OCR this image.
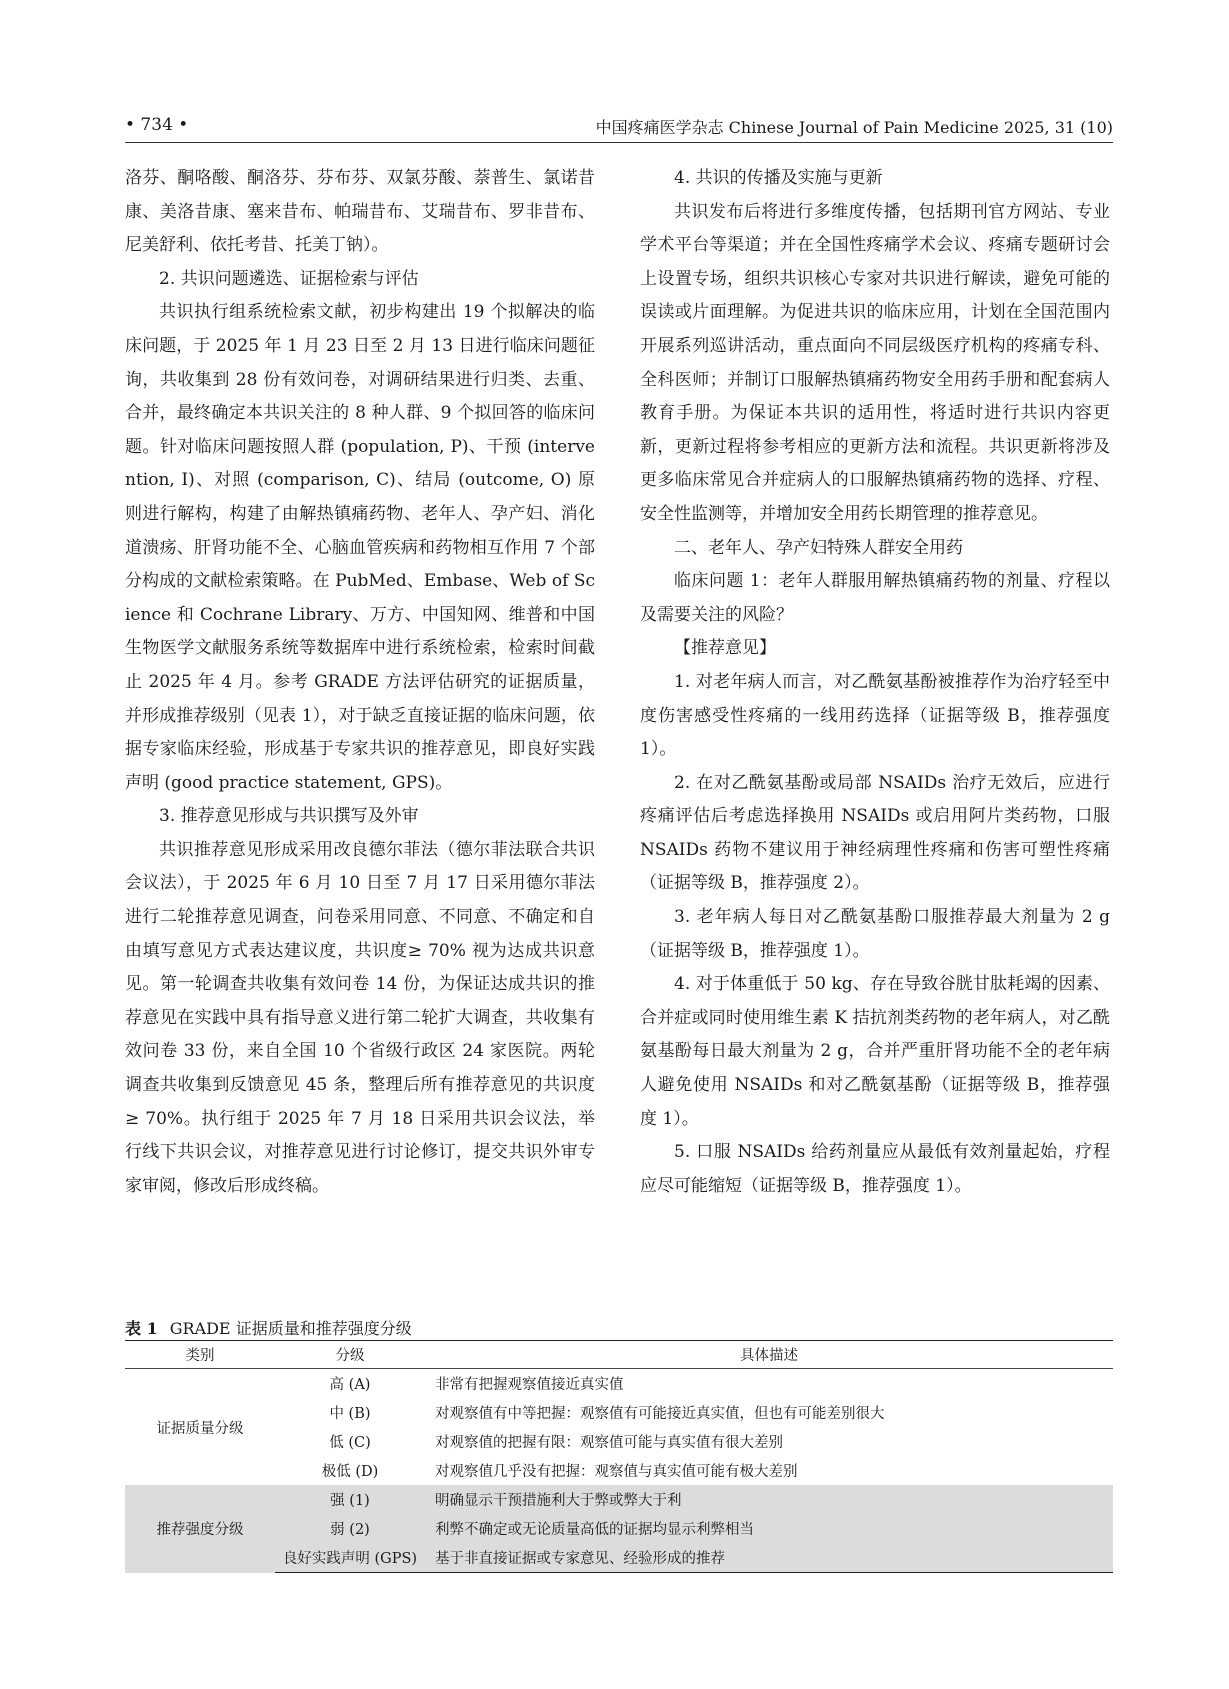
• 734 •	中国疼痛医学杂志 Chinese Journal of Pain Medicine 2025, 31 (10)

洛芬、酮咯酸、酮洛芬、芬布芬、双氯芬酸、萘普生、氯诺昔康、美洛昔康、塞来昔布、帕瑞昔布、艾瑞昔布、罗非昔布、尼美舒利、依托考昔、托美丁钠）。

2. 共识问题遴选、证据检索与评估

共识执行组系统检索文献，初步构建出 19 个拟解决的临床问题，于 2025 年 1 月 23 日至 2 月 13 日进行临床问题征询，共收集到 28 份有效问卷，对调研结果进行归类、去重、合并，最终确定本共识关注的 8 种人群、9 个拟回答的临床问题。针对临床问题按照人群 (population, P)、干预 (intervention, I)、对照 (comparison, C)、结局 (outcome, O) 原则进行解构，构建了由解热镇痛药物、老年人、孕产妇、消化道溃疡、肝肾功能不全、心脑血管疾病和药物相互作用 7 个部分构成的文献检索策略。在 PubMed、Embase、Web of Science 和 Cochrane Library、万方、中国知网、维普和中国生物医学文献服务系统等数据库中进行系统检索，检索时间截止 2025 年 4 月。参考 GRADE 方法评估研究的证据质量，并形成推荐级别（见表 1），对于缺乏直接证据的临床问题，依据专家临床经验，形成基于专家共识的推荐意见，即良好实践声明 (good practice statement, GPS)。

3. 推荐意见形成与共识撰写及外审

共识推荐意见形成采用改良德尔菲法（德尔菲法联合共识会议法），于 2025 年 6 月 10 日至 7 月 17 日采用德尔菲法进行二轮推荐意见调查，问卷采用同意、不同意、不确定和自由填写意见方式表达建议度，共识度≥ 70% 视为达成共识意见。第一轮调查共收集有效问卷 14 份，为保证达成共识的推荐意见在实践中具有指导意义进行第二轮扩大调查，共收集有效问卷 33 份，来自全国 10 个省级行政区 24 家医院。两轮调查共收集到反馈意见 45 条，整理后所有推荐意见的共识度≥ 70%。执行组于 2025 年 7 月 18 日采用共识会议法，举行线下共识会议，对推荐意见进行讨论修订，提交共识外审专家审阅，修改后形成终稿。

4. 共识的传播及实施与更新

共识发布后将进行多维度传播，包括期刊官方网站、专业学术平台等渠道；并在全国性疼痛学术会议、疼痛专题研讨会上设置专场，组织共识核心专家对共识进行解读，避免可能的误读或片面理解。为促进共识的临床应用，计划在全国范围内开展系列巡讲活动，重点面向不同层级医疗机构的疼痛专科、全科医师；并制订口服解热镇痛药物安全用药手册和配套病人教育手册。为保证本共识的适用性，将适时进行共识内容更新，更新过程将参考相应的更新方法和流程。共识更新将涉及更多临床常见合并症病人的口服解热镇痛药物的选择、疗程、安全性监测等，并增加安全用药长期管理的推荐意见。

二、老年人、孕产妇特殊人群安全用药

临床问题 1：老年人群服用解热镇痛药物的剂量、疗程以及需要关注的风险？

【推荐意见】

1. 对老年病人而言，对乙酰氨基酚被推荐作为治疗轻至中度伤害感受性疼痛的一线用药选择（证据等级 B，推荐强度 1）。

2. 在对乙酰氨基酚或局部 NSAIDs 治疗无效后，应进行疼痛评估后考虑选择换用 NSAIDs 或启用阿片类药物，口服 NSAIDs 药物不建议用于神经病理性疼痛和伤害可塑性疼痛（证据等级 B，推荐强度 2）。

3. 老年病人每日对乙酰氨基酚口服推荐最大剂量为 2 g（证据等级 B，推荐强度 1）。

4. 对于体重低于 50 kg、存在导致谷胱甘肽耗竭的因素、合并症或同时使用维生素 K 拮抗剂类药物的老年病人，对乙酰氨基酚每日最大剂量为 2 g，合并严重肝肾功能不全的老年病人避免使用 NSAIDs 和对乙酰氨基酚（证据等级 B，推荐强度 1）。

5. 口服 NSAIDs 给药剂量应从最低有效剂量起始，疗程应尽可能缩短（证据等级 B，推荐强度 1）。

表 1 GRADE 证据质量和推荐强度分级
类别	分级	具体描述
证据质量分级	高 (A)	非常有把握观察值接近真实值
	中 (B)	对观察值有中等把握：观察值有可能接近真实值，但也有可能差别很大
	低 (C)	对观察值的把握有限：观察值可能与真实值有很大差别
	极低 (D)	对观察值几乎没有把握：观察值与真实值可能有极大差别
推荐强度分级	强 (1)	明确显示干预措施利大于弊或弊大于利
	弱 (2)	利弊不确定或无论质量高低的证据均显示利弊相当
	良好实践声明 (GPS)	基于非直接证据或专家意见、经验形成的推荐
